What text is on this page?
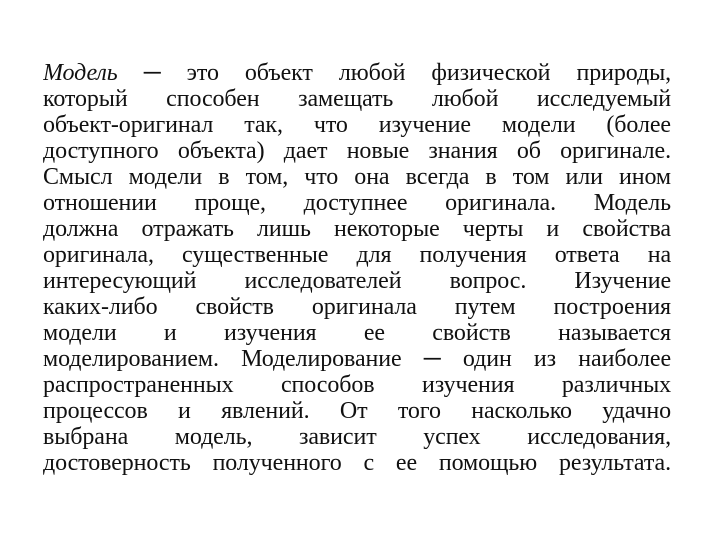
Модель ─ это объект любой физической природы,
который способен замещать любой исследуемый
объект-оригинал так, что изучение модели (более
доступного объекта) дает новые знания об оригинале.
Смысл модели в том, что она всегда в том или ином
отношении проще, доступнее оригинала. Модель
должна отражать лишь некоторые черты и свойства
оригинала, существенные для получения ответа на
интересующий исследователей вопрос. Изучение
каких-либо свойств оригинала путем построения
модели и изучения ее свойств называется
моделированием. Моделирование ─ один из наиболее
распространенных способов изучения различных
процессов и явлений. От того насколько удачно
выбрана модель, зависит успех исследования,
достоверность полученного с ее помощью результата.
